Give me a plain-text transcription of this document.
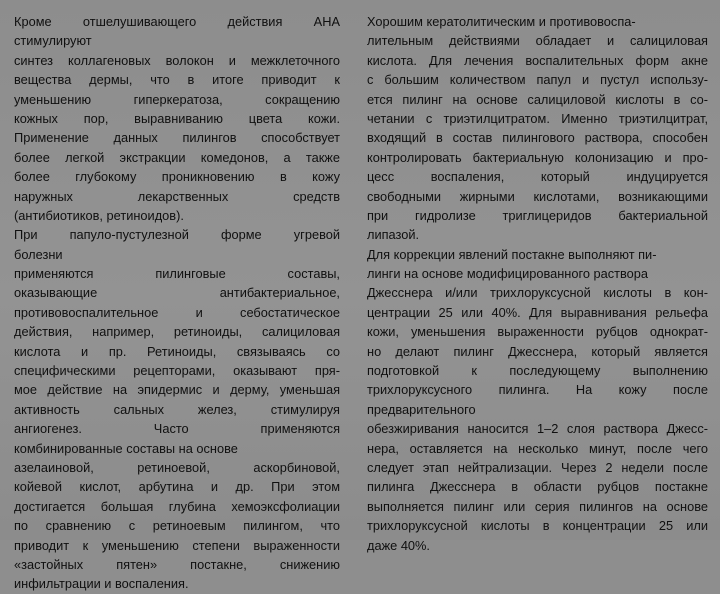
Кроме отшелушивающего действия АНА
стимулируют
синтез коллагеновых волокон и межклеточного
вещества дермы, что в итоге приводит к
уменьшению гиперкератоза, сокращению
кожных пор, выравниванию цвета кожи.
Применение данных пилингов способствует
более легкой экстракции комедонов, а также
более глубокому проникновению в кожу
наружных лекарственных средств
(антибиотиков, ретиноидов).
При папуло-пустулезной форме угревой
болезни
применяются пилинговые составы,
оказывающие антибактериальное,
противовоспалительное и себостатическое
действия, например, ретиноиды, салициловая
кислота и пр. Ретиноиды, связываясь со
специфическими рецепторами, оказывают пря-
мое действие на эпидермис и дерму, уменьшая
активность сальных желез, стимулируя
ангиогенез. Часто применяются
комбинированные составы на основе
азелаиновой, ретиноевой, аскорбиновой,
койевой кислот, арбутина и др. При этом
достигается большая глубина хемоэксфолиации
по сравнению с ретиноевым пилингом, что
приводит к уменьшению степени выраженности
«застойных пятен» постакне, снижению
инфильтрации и воспаления.
Хорошим кератолитическим и противовоспа-
лительным действиями обладает и салициловая
кислота. Для лечения воспалительных форм акне
с большим количеством папул и пустул использу-
ется пилинг на основе салициловой кислоты в со-
четании с триэтилцитратом. Именно триэтилцитрат,
входящий в состав пилингового раствора, способен
контролировать бактериальную колонизацию и про-
цесс воспаления, который индуцируется
свободными жирными кислотами, возникающими
при гидролизе триглицеридов бактериальной
липазой.
Для коррекции явлений постакне выполняют пи-
линги на основе модифицированного раствора
Джесснера и/или трихлоруксусной кислоты в кон-
центрации 25 или 40%. Для выравнивания рельефа
кожи, уменьшения выраженности рубцов однократ-
но делают пилинг Джесснера, который является
подготовкой к последующему выполнению
трихлоруксусного пилинга. На кожу после
предварительного
обезжиривания наносится 1–2 слоя раствора Джесс-
нера, оставляется на несколько минут, после чего
следует этап нейтрализации. Через 2 недели после
пилинга Джесснера в области рубцов постакне
выполняется пилинг или серия пилингов на основе
трихлоруксусной кислоты в концентрации 25 или
даже 40%.
